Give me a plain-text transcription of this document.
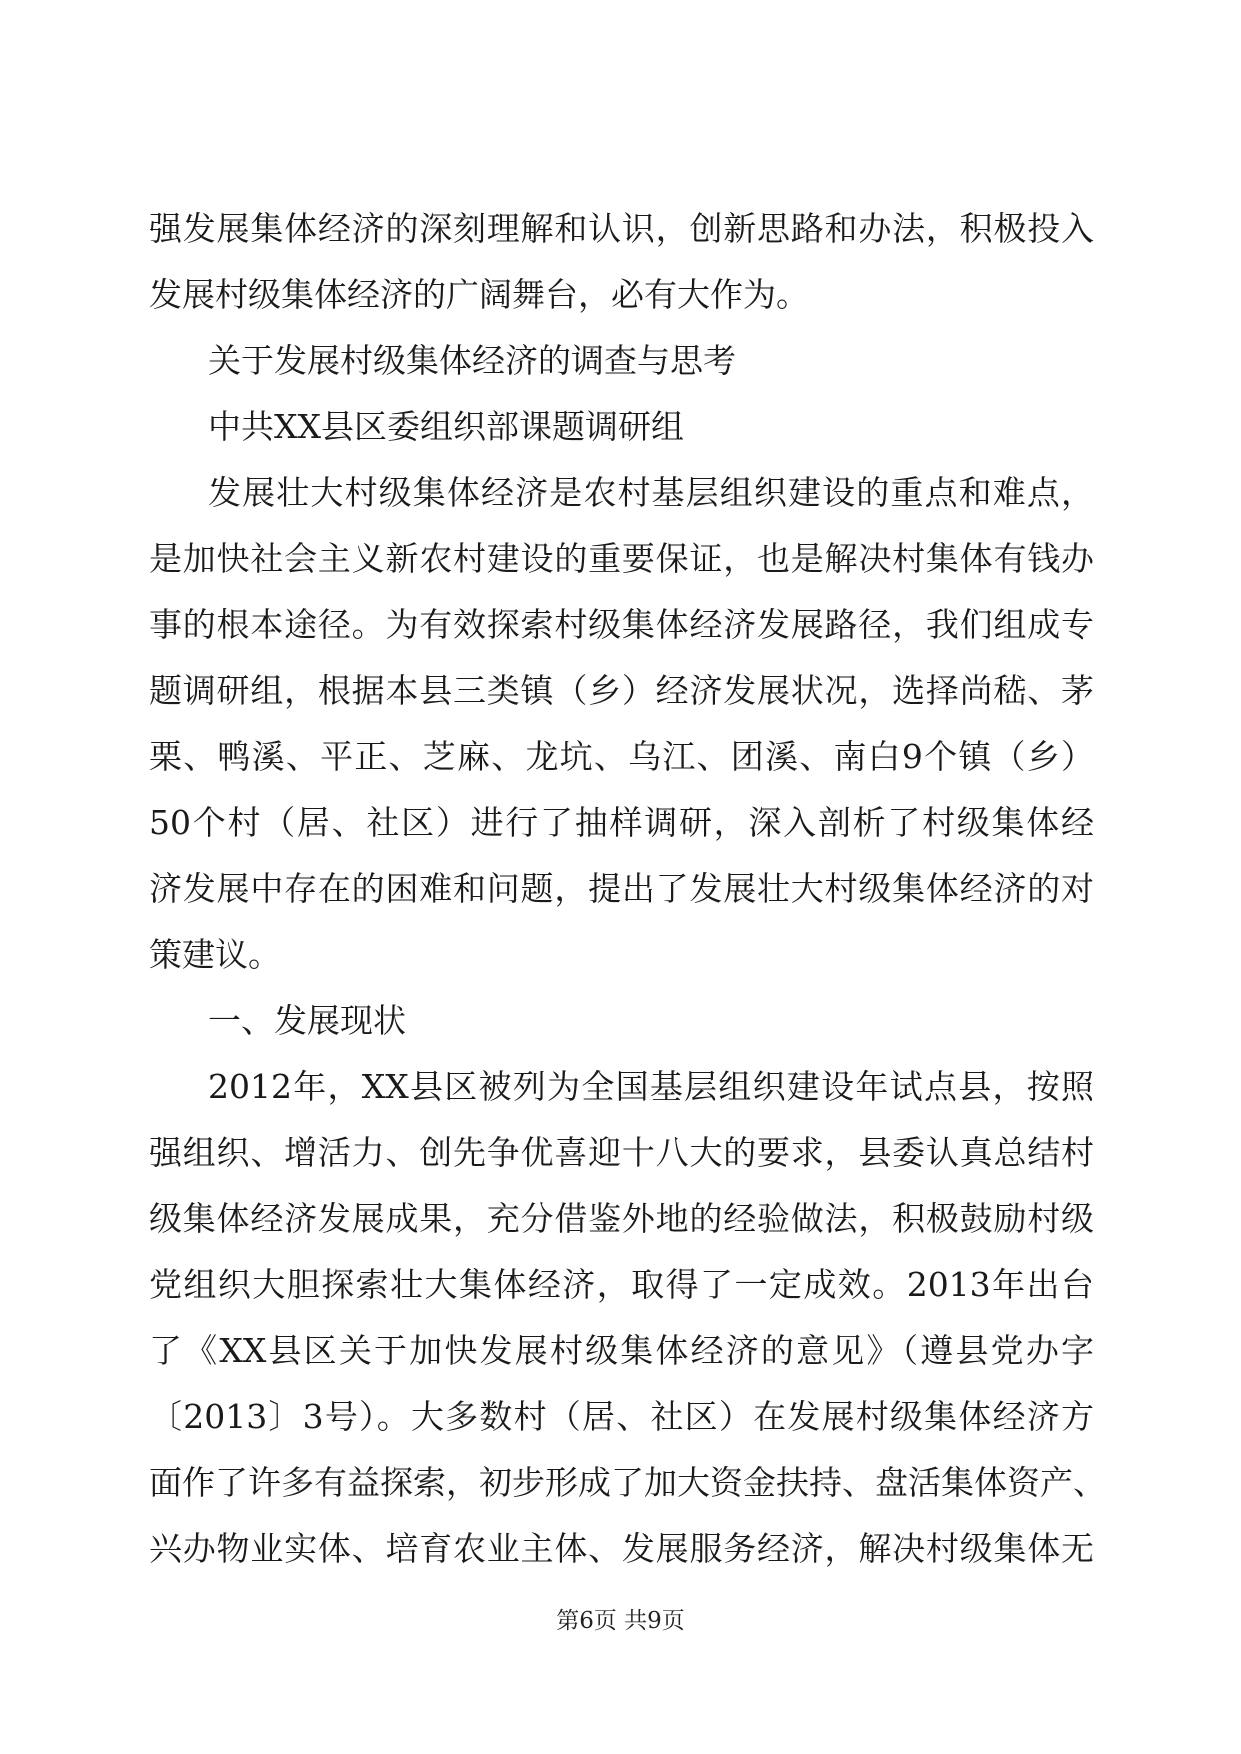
强发展集体经济的深刻理解和认识，创新思路和办法，积极投入
发展村级集体经济的广阔舞台，必有大作为。
关于发展村级集体经济的调查与思考
中共XX县区委组织部课题调研组
发展壮大村级集体经济是农村基层组织建设的重点和难点，
是加快社会主义新农村建设的重要保证，也是解决村集体有钱办
事的根本途径。为有效探索村级集体经济发展路径，我们组成专
题调研组，根据本县三类镇（乡）经济发展状况，选择尚嵇、茅
栗、鸭溪、平正、芝麻、龙坑、乌江、团溪、南白9个镇（乡）
50个村（居、社区）进行了抽样调研，深入剖析了村级集体经
济发展中存在的困难和问题，提出了发展壮大村级集体经济的对
策建议。
一、发展现状
2012年，XX县区被列为全国基层组织建设年试点县，按照
强组织、增活力、创先争优喜迎十八大的要求，县委认真总结村
级集体经济发展成果，充分借鉴外地的经验做法，积极鼓励村级
党组织大胆探索壮大集体经济，取得了一定成效。2013年出台
了《XX县区关于加快发展村级集体经济的意见》（遵县党办字
〔2013〕3号）。大多数村（居、社区）在发展村级集体经济方
面作了许多有益探索，初步形成了加大资金扶持、盘活集体资产、
兴办物业实体、培育农业主体、发展服务经济，解决村级集体无
第6页 共9页
